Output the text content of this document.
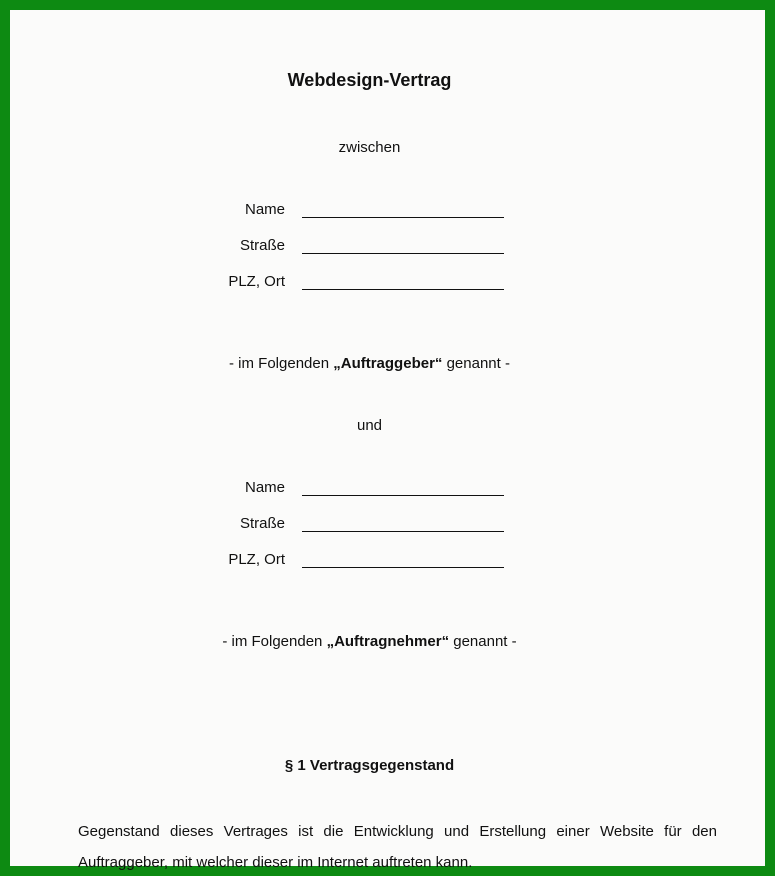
Webdesign-Vertrag
zwischen
Name
Straße
PLZ, Ort
- im Folgenden „Auftraggeber“ genannt -
und
Name
Straße
PLZ, Ort
- im Folgenden „Auftragnehmer“ genannt -
§ 1 Vertragsgegenstand
Gegenstand dieses Vertrages ist die Entwicklung und Erstellung einer Website für den
Auftraggeber, mit welcher dieser im Internet auftreten kann.
